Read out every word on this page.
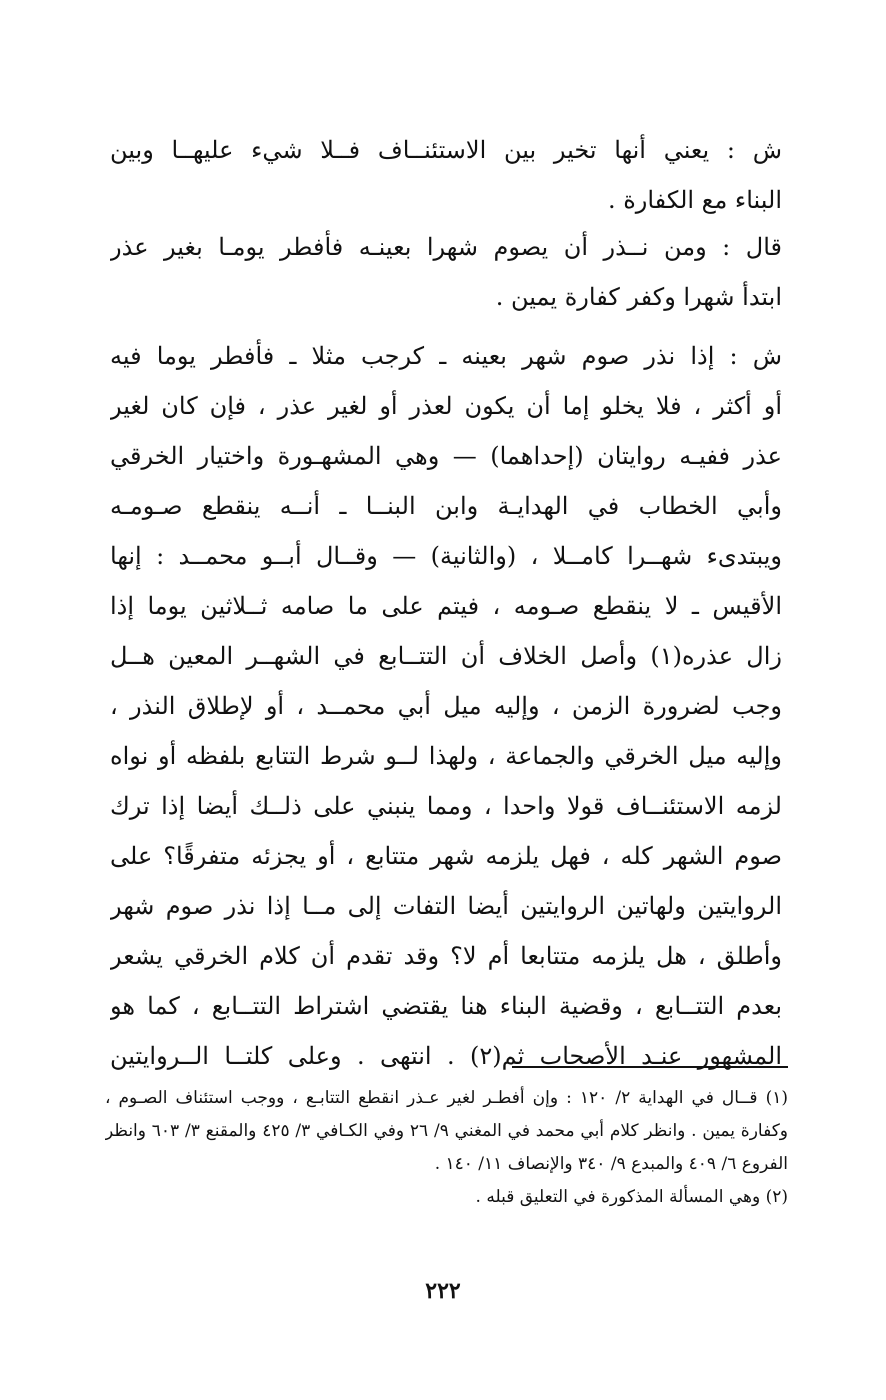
ش : يعني أنها تخير بين الاستئنــاف فــلا شيء عليهــا وبين
البناء مع الكفارة .
قال : ومن نــذر أن يصوم شهرا بعينـه فأفطر يومـا بغير عذر
ابتدأ شهرا وكفر كفارة يمين .
ش : إذا نذر صوم شهر بعينه ـ كرجب مثلا ـ فأفطر يوما فيه
أو أكثر ، فلا يخلو إما أن يكون لعذر أو لغير عذر ، فإن كان لغير
عذر ففيـه روايتان (إحداهما) — وهي المشهـورة واختيار الخرقي
وأبي الخطاب في الهدايـة وابن البنــا ـ أنــه ينقطع صـومـه
ويبتدىء شهــرا كامــلا ، (والثانية) — وقــال أبــو محمــد : إنها
الأقيس ـ لا ينقطع صـومه ، فيتم على ما صامه ثــلاثين يوما إذا
زال عذره(١) وأصل الخلاف أن التتــابع في الشهــر المعين هــل
وجب لضرورة الزمن ، وإليه ميل أبي محمــد ، أو لإطلاق النذر ،
وإليه ميل الخرقي والجماعة ، ولهذا لــو شرط التتابع بلفظه أو نواه
لزمه الاستئنــاف قولا واحدا ، ومما ينبني على ذلــك أيضا إذا ترك
صوم الشهر كله ، فهل يلزمه شهر متتابع ، أو يجزئه متفرقًا؟ على
الروايتين ولهاتين الروايتين أيضا التفات إلى مــا إذا نذر صوم شهر
وأطلق ، هل يلزمه متتابعا أم لا؟ وقد تقدم أن كلام الخرقي يشعر
بعدم التتــابع ، وقضية البناء هنا يقتضي اشتراط التتــابع ، كما هو
المشهور عنـد الأصحاب ثم(٢) . انتهى . وعلى كلتــا الــروايتين
(١) قــال في الهداية ٢/ ١٢٠ : وإن أفطـر لغير عـذر انقطع التتابـع ، ووجب استئناف الصـوم ،
وكفارة يمين . وانظر كلام أبي محمد في المغني ٩/ ٢٦ وفي الكـافي ٣/ ٤٢٥ والمقنع ٣/ ٦٠٣ وانظر
الفروع ٦/ ٤٠٩ والمبدع ٩/ ٣٤٠ والإنصاف ١١/ ١٤٠ .
(٢) وهي المسألة المذكورة في التعليق قبله .
٢٢٢
